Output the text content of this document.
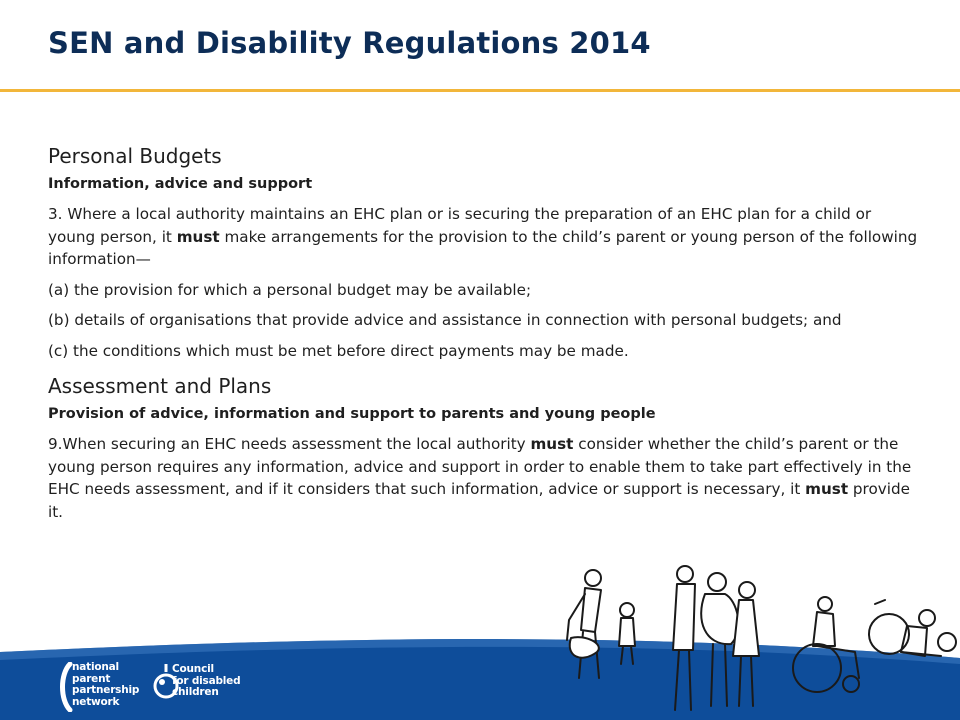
SEN and Disability Regulations 2014
Personal Budgets
Information, advice and support

3. Where a local authority maintains an EHC plan or is securing the preparation of an EHC plan for a child or young person, it must make arrangements for the provision to the child’s parent or young person of the following information—

(a) the provision for which a personal budget may be available;

(b) details of organisations that provide advice and assistance in connection with personal budgets; and

(c) the conditions which must be met before direct payments may be made.

Assessment and Plans
Provision of advice, information and support to parents and young people

9.When securing an EHC needs assessment the local authority must consider whether the child’s parent or the young person requires any information, advice and support in order to enable them to take part effectively in the EHC needs assessment, and if it considers that such information, advice or support is necessary, it must provide it.

national
parent
partnership
network
Council
for disabled
children
